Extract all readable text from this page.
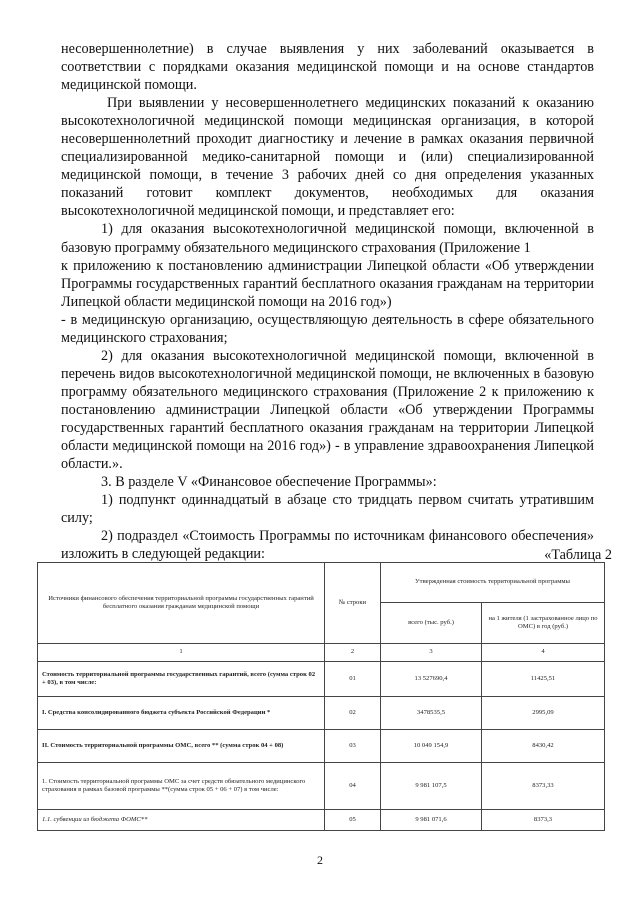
несовершеннолетние) в случае выявления у них заболеваний оказывается в соответствии с порядками оказания медицинской помощи и на основе стандартов медицинской помощи.

При выявлении у несовершеннолетнего медицинских показаний к оказанию высокотехнологичной медицинской помощи медицинская организация, в которой несовершеннолетний проходит диагностику и лечение в рамках оказания первичной специализированной медико-санитарной помощи и (или) специализированной медицинской помощи, в течение 3 рабочих дней со дня определения указанных показаний готовит комплект документов, необходимых для оказания высокотехнологичной медицинской помощи, и представляет его:

1) для оказания высокотехнологичной медицинской помощи, включенной в базовую программу обязательного медицинского страхования (Приложение 1

к приложению к постановлению администрации Липецкой области «Об утверждении Программы государственных гарантий бесплатного оказания гражданам на территории Липецкой области медицинской помощи на 2016 год»)

- в медицинскую организацию, осуществляющую деятельность в сфере обязательного медицинского страхования;

2) для оказания высокотехнологичной медицинской помощи, включенной в перечень видов высокотехнологичной медицинской помощи, не включенных в базовую программу обязательного медицинского страхования (Приложение 2 к приложению к постановлению администрации Липецкой области «Об утверждении Программы государственных гарантий бесплатного оказания гражданам на территории Липецкой области медицинской помощи на 2016 год») - в управление здравоохранения Липецкой области.».

3. В разделе V «Финансовое обеспечение Программы»:

1) подпункт одиннадцатый в абзаце сто тридцать первом считать утратившим силу;

2) подраздел «Стоимость Программы по источникам финансового обеспечения» изложить в следующей редакции:	«Таблица 2
Источники финансового обеспечения территориальной программы государственных гарантий бесплатного оказания гражданам медицинской помощи	№ строки	Утвержденная стоимость территориальной программы	
		всего (тыс. руб.)	на 1 жителя (1 застрахованное лицо по ОМС) в год (руб.)
1	2	3	4
Стоимость территориальной программы государственных гарантий, всего (сумма строк 02 + 03), в том числе:	01	13 527690,4	11425,51
I. Средства консолидированного бюджета субъекта Российской Федерации *	02	3478535,5	2995,09
II. Стоимость территориальной программы ОМС, всего ** (сумма строк 04 + 08)	03	10 049 154,9	8430,42
1. Стоимость территориальной программы ОМС за счет средств обязательного медицинского страхования в рамках базовой программы **(сумма строк 05 + 06 + 07) в том числе:	04	9 981 107,5	8373,33
1.1. субвенции из бюджета ФОМС**	05	9 981 071,6	8373,3
2
